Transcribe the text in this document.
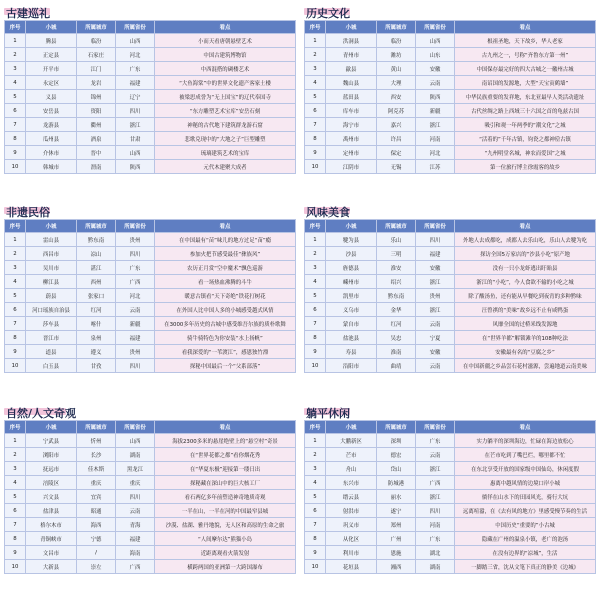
古建巡礼
序号	小城	所属城市	所属省份	看点
1	腾县	临汾	山西	小而天看唐朝悬壁艺术
2	正定县	石家庄	河北	中国古建筑博物馆
3	开平市	江门	广东	中西混搭的碉楼艺术
4	永定区	龙岩	福建	“大鱼海棠”中的世界文化遗产客家土楼
5	义县	锦州	辽宁	被梁思成誉为“无上国宝”的辽代奉国寺
6	安岳县	资阳	四川	“东方雕塑艺术宝库”安岳石刻
7	龙游县	衢州	浙江	神秘的古代地下建筑群龙游石窟
8	瓜州县	酒泉	甘肃	悲歌兑现中的“大地之子”巨型雕塑
9	介休市	晋中	山西	琉璃建筑艺术的宝库
10	韩城市	渭南	陕西	元代木建聚大成者
历史文化
序号	小城	所属城市	所属省份	看点
1	洪洞县	临汾	山西	根祖圣地，天下故乡，华人老家
2	青州市	潍坊	山东	古九州之一，号称“齐鲁东方第一州”
3	歙县	黄山	安徽	中国保存最完好的四大古城之一徽州古城
4	魏山县	大理	云南	南诏国的发源地，大型“天宝寅鹤墙”
5	蓝田县	西安	陕西	中华民族重要的发祥地，东北亚最早人类活动遗址
6	库车市	阿克苏	新疆	古代丝绸之路上西域三十六国之首的龟兹古国
7	海宁市	嘉兴	浙江	吸引和观一年两季的“潮文化”之城
8	禹州市	许昌	河南	“活着的”千年古镇，钧瓷之都神垕古镇
9	定州市	保定	河北	“九州明堂名城，神农而爱国”之城
10	江阴市	无锡	江苏	第一位旅行博主徐霞客的故乡
非遗民俗
序号	小城	所属城市	所属省份	看点
1	雷山县	黔东南	贵州	在中国最有“苗”味儿的地方过足“苗”瘾
2	西昌市	凉山	四川	参加火把节感受最佳“彝族风”
3	吴川市	湛江	广东	农历正月赏“空中魔术”飘色巡游
4	柳江县	西州	广西	看一场热血沸腾的斗牛
5	蔚县	张家口	河北	暖意古镇看“天下奇绝”铁花打树花
6	河口瑶族自治县	红河	云南	在外国人比中国人多的小城感受越式风情
7	莎车县	喀什	新疆	在3000多年历史的古城中感受维吾尔族的质朴歌舞
8	晋江市	泉州	福建	骑牛骑特色为你安装“水上扬帆”
9	道县	遵义	贵州	看我深爱的“一苇渡江”，感恩独竹漂
10	白玉县	甘孜	四川	探秘中国最后一个“父系部落”
风味美食
序号	小城	所属城市	所属省份	看点
1	犍为县	乐山	四川	外地人去成都吃，成都人去乐山吃，乐山人去犍为吃
2	沙县	三明	福建	探访全国5万家店的“沙县小吃”原产地
3	旌德县	淮安	安徽	没有一只小龙虾逃出盱眙县
4	嵊州市	绍兴	浙江	浙江的“小吃”，今人食欲不输的小吃之城
5	凯里市	黔东南	贵州	除了酸汤鱼，还有能从早餐吃到夜宵的多种黔味
6	义乌市	金华	浙江	汪曾祺的“美味”故乡远不止有咸鸭蛋
7	蒙自市	红河	云南	风靡全国的过桥米线发源地
8	盐池县	吴忠	宁夏	在“世界羊都”解锁滩羊的108种吃法
9	寿县	淮南	安徽	安徽最有名的“豆腐之乡”
10	沿阳市	曲靖	云南	在中国新疆之乡品尝石花村滋源，尝遍地道云南美味
自然/人文奇观
序号	小城	所属城市	所属省份	看点
1	宁武县	忻州	山西	海拔2300多米的悬崖绝壁上的“悬空村”奇景
2	浏阳市	长沙	湖南	在“世界花都之都”看你烟花秀
3	抚远市	佳木斯	黑龙江	在“华夏东极”迎接第一缕日出
4	涪陵区	重庆	重庆	探秘藏在深山中的巨大核工厂
5	兴文县	宜宾	四川	看石两亿多年前塑造神奇地质奇观
6	盐津县	昭通	云南	一半在山，一半在河的中国最窄县城
7	格尔木市	海西	青海	沙漠、盐湖、雅丹地貌，无人区和高原的生命之旅
8	青铜峡市	宁德	福建	“人间摩尔达”熊猫小岛
9	文昌市	/	海南	近距离观看火箭发射
10	大新县	崇左	广西	横跨两国的亚洲第一大跨国瀑布
躺平休闲
序号	小城	所属城市	所属省份	看点
1	大鹏新区	深圳	广东	实力躺平的深圳海边，忙碌在海边放松心
2	芒市	德宏	云南	在芒市吃到了嘴巴烂，哪里都不忙
3	舟山	岱山	浙江	在东北享受开放的国家级中国仙岛，休闲度假
4	东兴市	防城港	广西	惠离中越风情的边境口岸小城
5	缙云县	丽水	浙江	徜徉在山水下的田园风光，骑行大坑
6	射洪市	遂宁	四川	远离喧嚣，在《去有风的地方》里感受慢节奏的生活
7	巩义市	郑州	河南	中国历史“重要的”小古城
8	从化区	广州	广东	隐藏在广州的温泉小镇，老广的泡汤
9	利川市	恩施	湖北	在没有边界的“凉城”，生活
10	花垣县	湘西	湖南	一脚踏三省，沈从文笔下真正的静美《边城》
